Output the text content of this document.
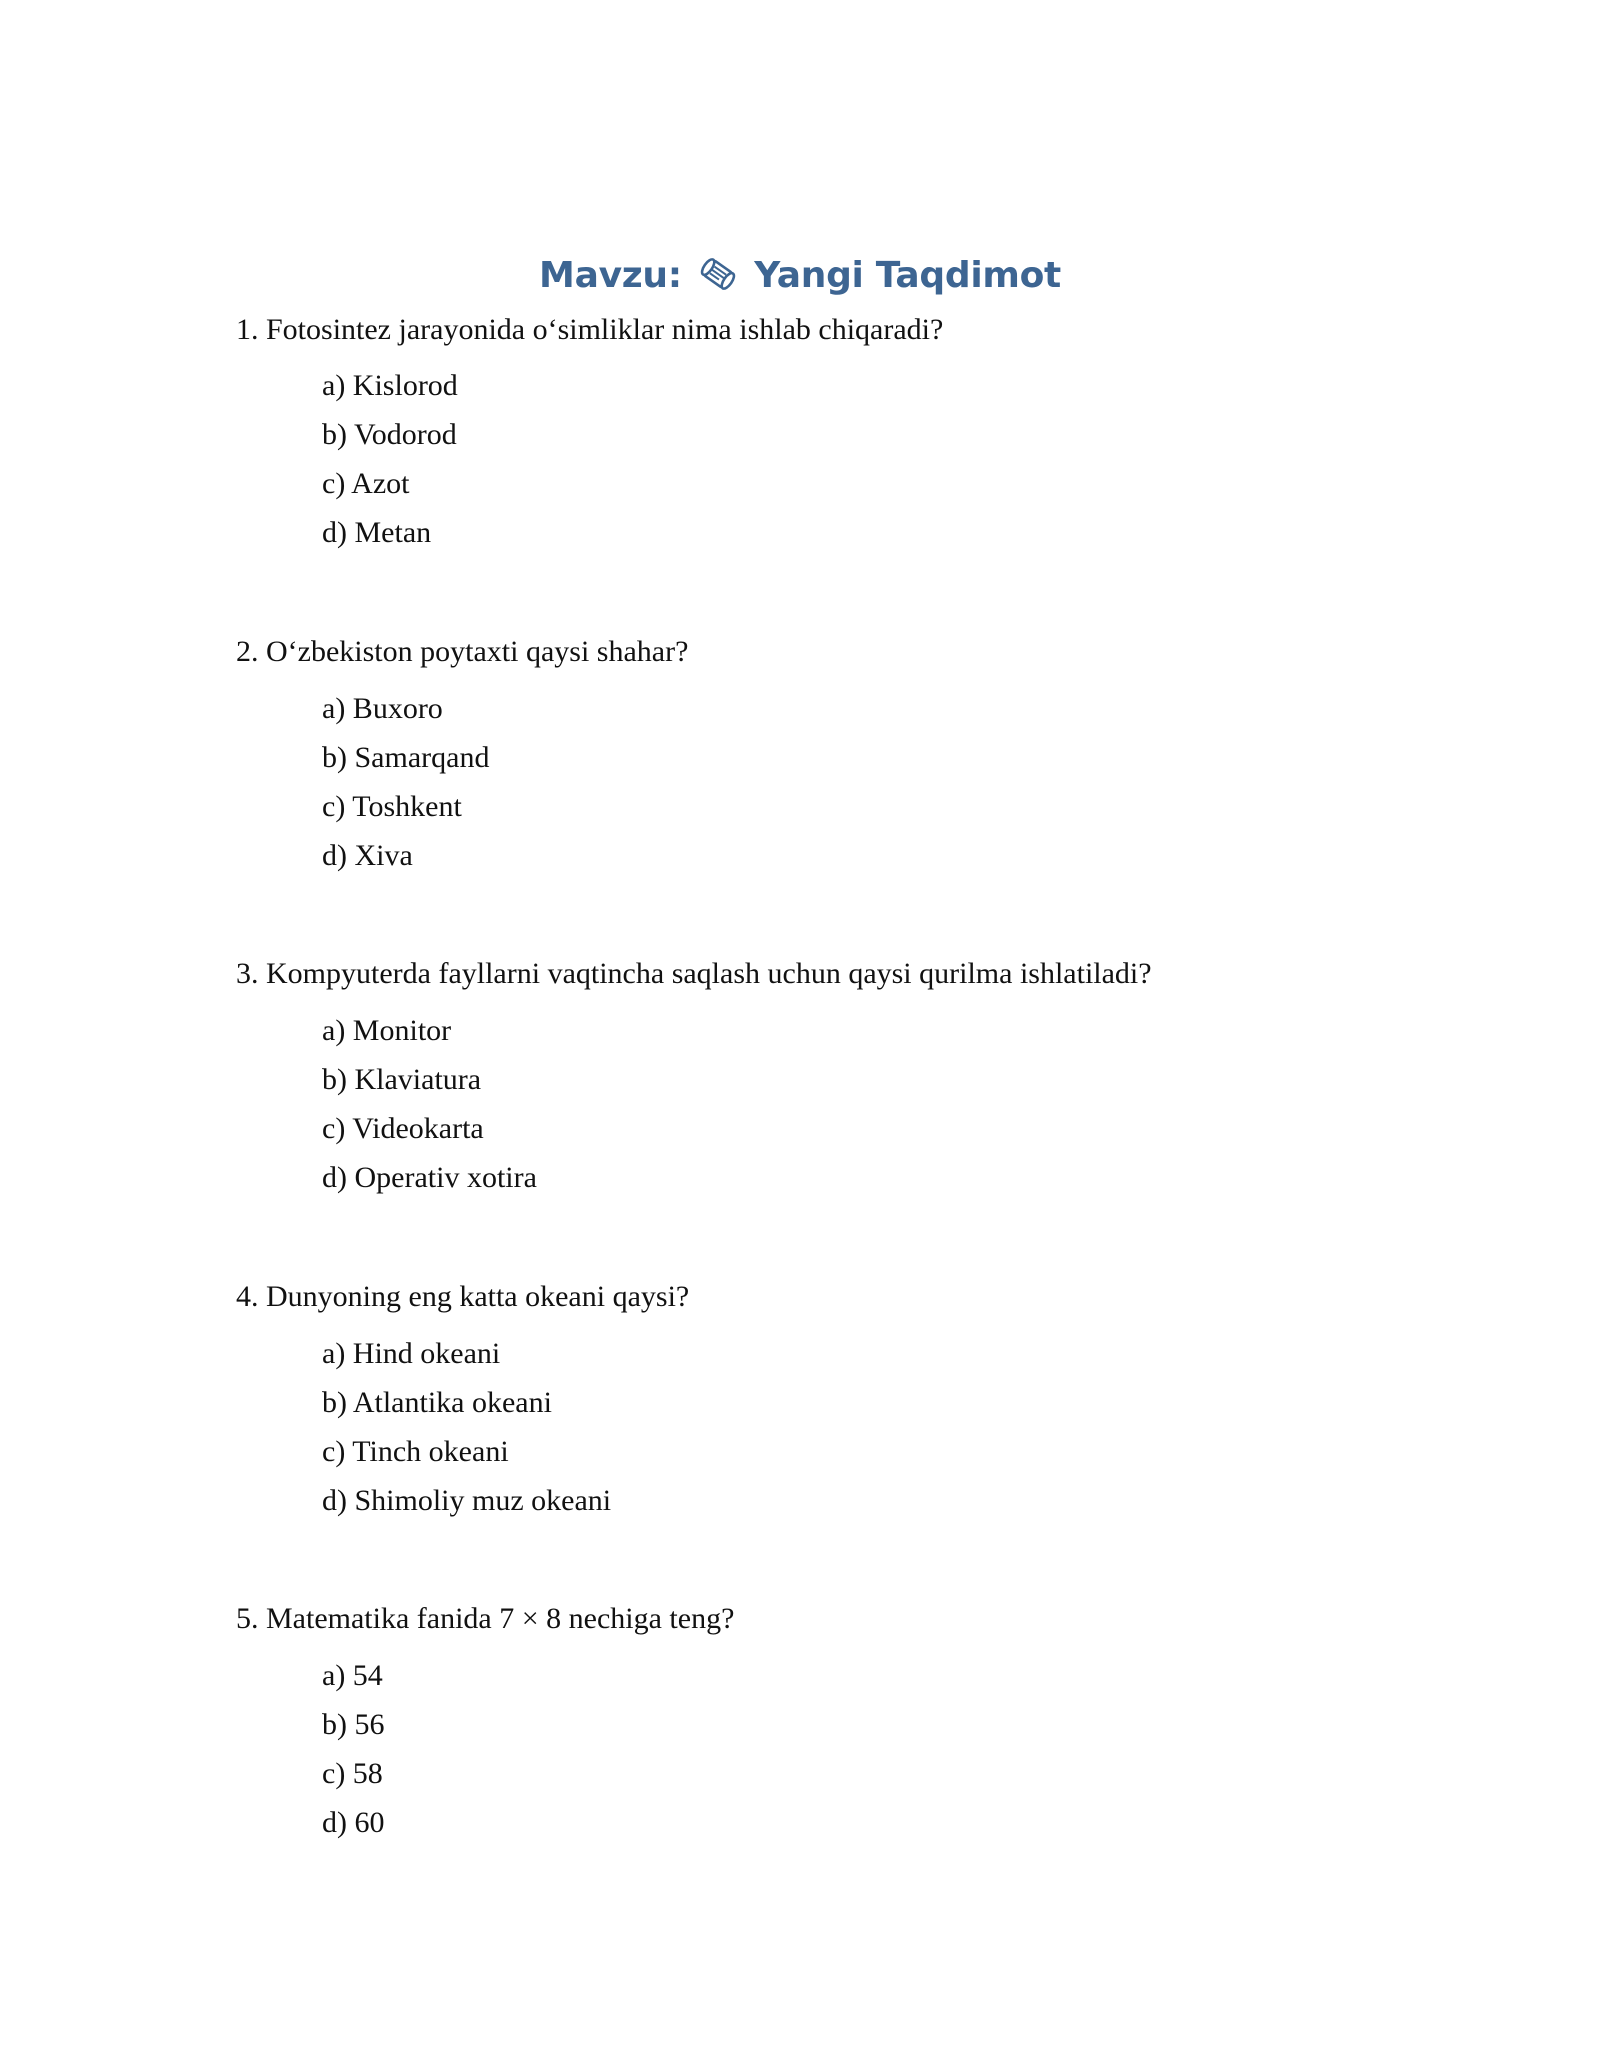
Mavzu: Yangi Taqdimot

1. Fotosintez jarayonida o‘simliklar nima ishlab chiqaradi?

a) Kislorod

b) Vodorod

c) Azot

d) Metan

2. O‘zbekiston poytaxti qaysi shahar?

a) Buxoro

b) Samarqand

c) Toshkent

d) Xiva

3. Kompyuterda fayllarni vaqtincha saqlash uchun qaysi qurilma ishlatiladi?

a) Monitor

b) Klaviatura

c) Videokarta

d) Operativ xotira

4. Dunyoning eng katta okeani qaysi?

a) Hind okeani

b) Atlantika okeani

c) Tinch okeani

d) Shimoliy muz okeani

5. Matematika fanida 7 × 8 nechiga teng?

a) 54

b) 56

c) 58

d) 60
